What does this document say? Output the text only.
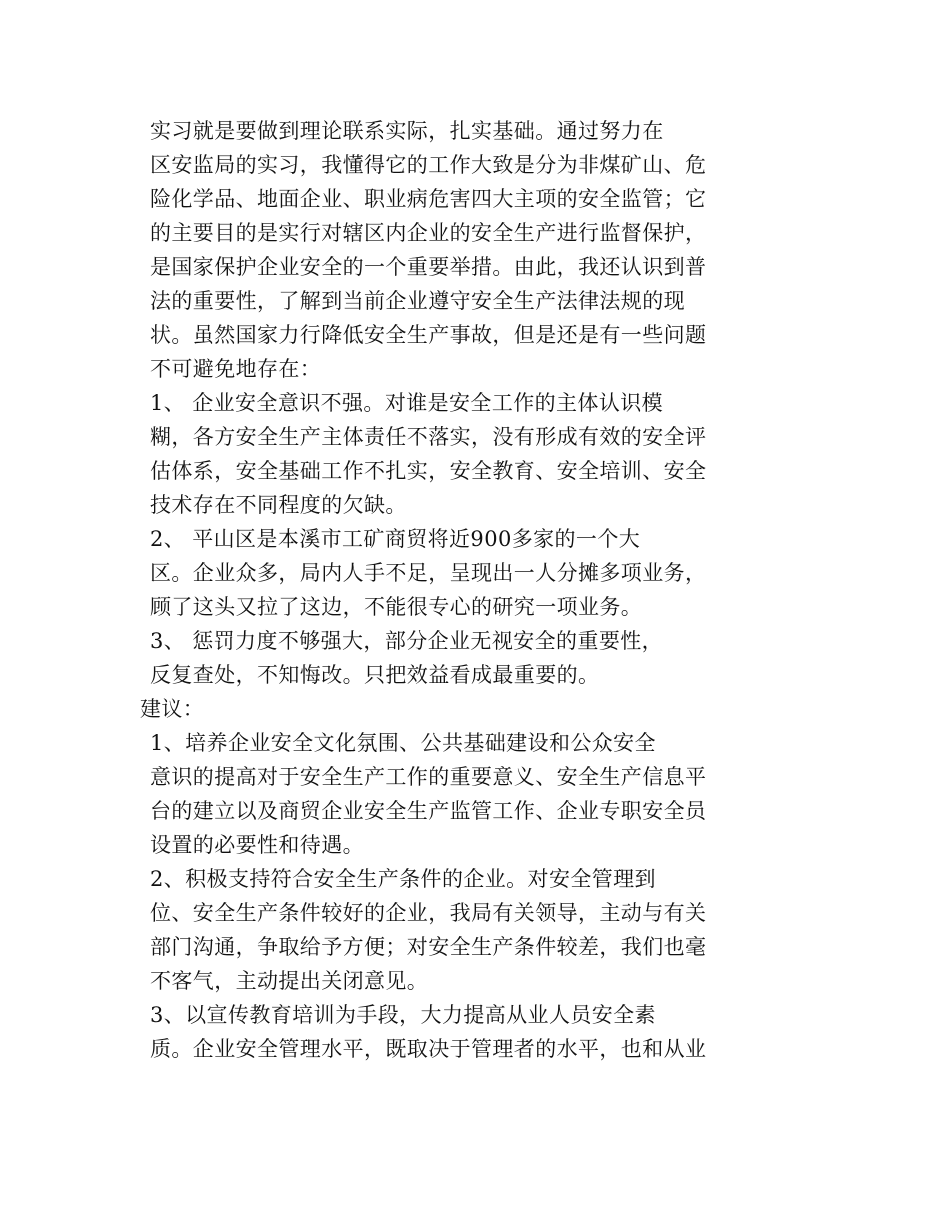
实习就是要做到理论联系实际，扎实基础。通过努力在
区安监局的实习，我懂得它的工作大致是分为非煤矿山、危
险化学品、地面企业、职业病危害四大主项的安全监管；它
的主要目的是实行对辖区内企业的安全生产进行监督保护，
是国家保护企业安全的一个重要举措。由此，我还认识到普
法的重要性，了解到当前企业遵守安全生产法律法规的现
状。虽然国家力行降低安全生产事故，但是还是有一些问题
不可避免地存在：
1、 企业安全意识不强。对谁是安全工作的主体认识模
糊，各方安全生产主体责任不落实，没有形成有效的安全评
估体系，安全基础工作不扎实，安全教育、安全培训、安全
技术存在不同程度的欠缺。
2、 平山区是本溪市工矿商贸将近900多家的一个大
区。企业众多，局内人手不足，呈现出一人分摊多项业务，
顾了这头又拉了这边，不能很专心的研究一项业务。
3、 惩罚力度不够强大，部分企业无视安全的重要性，
反复查处，不知悔改。只把效益看成最重要的。
建议：
1、培养企业安全文化氛围、公共基础建设和公众安全
意识的提高对于安全生产工作的重要意义、安全生产信息平
台的建立以及商贸企业安全生产监管工作、企业专职安全员
设置的必要性和待遇。
2、积极支持符合安全生产条件的企业。对安全管理到
位、安全生产条件较好的企业，我局有关领导，主动与有关
部门沟通，争取给予方便；对安全生产条件较差，我们也毫
不客气，主动提出关闭意见。
3、以宣传教育培训为手段，大力提高从业人员安全素
质。企业安全管理水平，既取决于管理者的水平，也和从业
